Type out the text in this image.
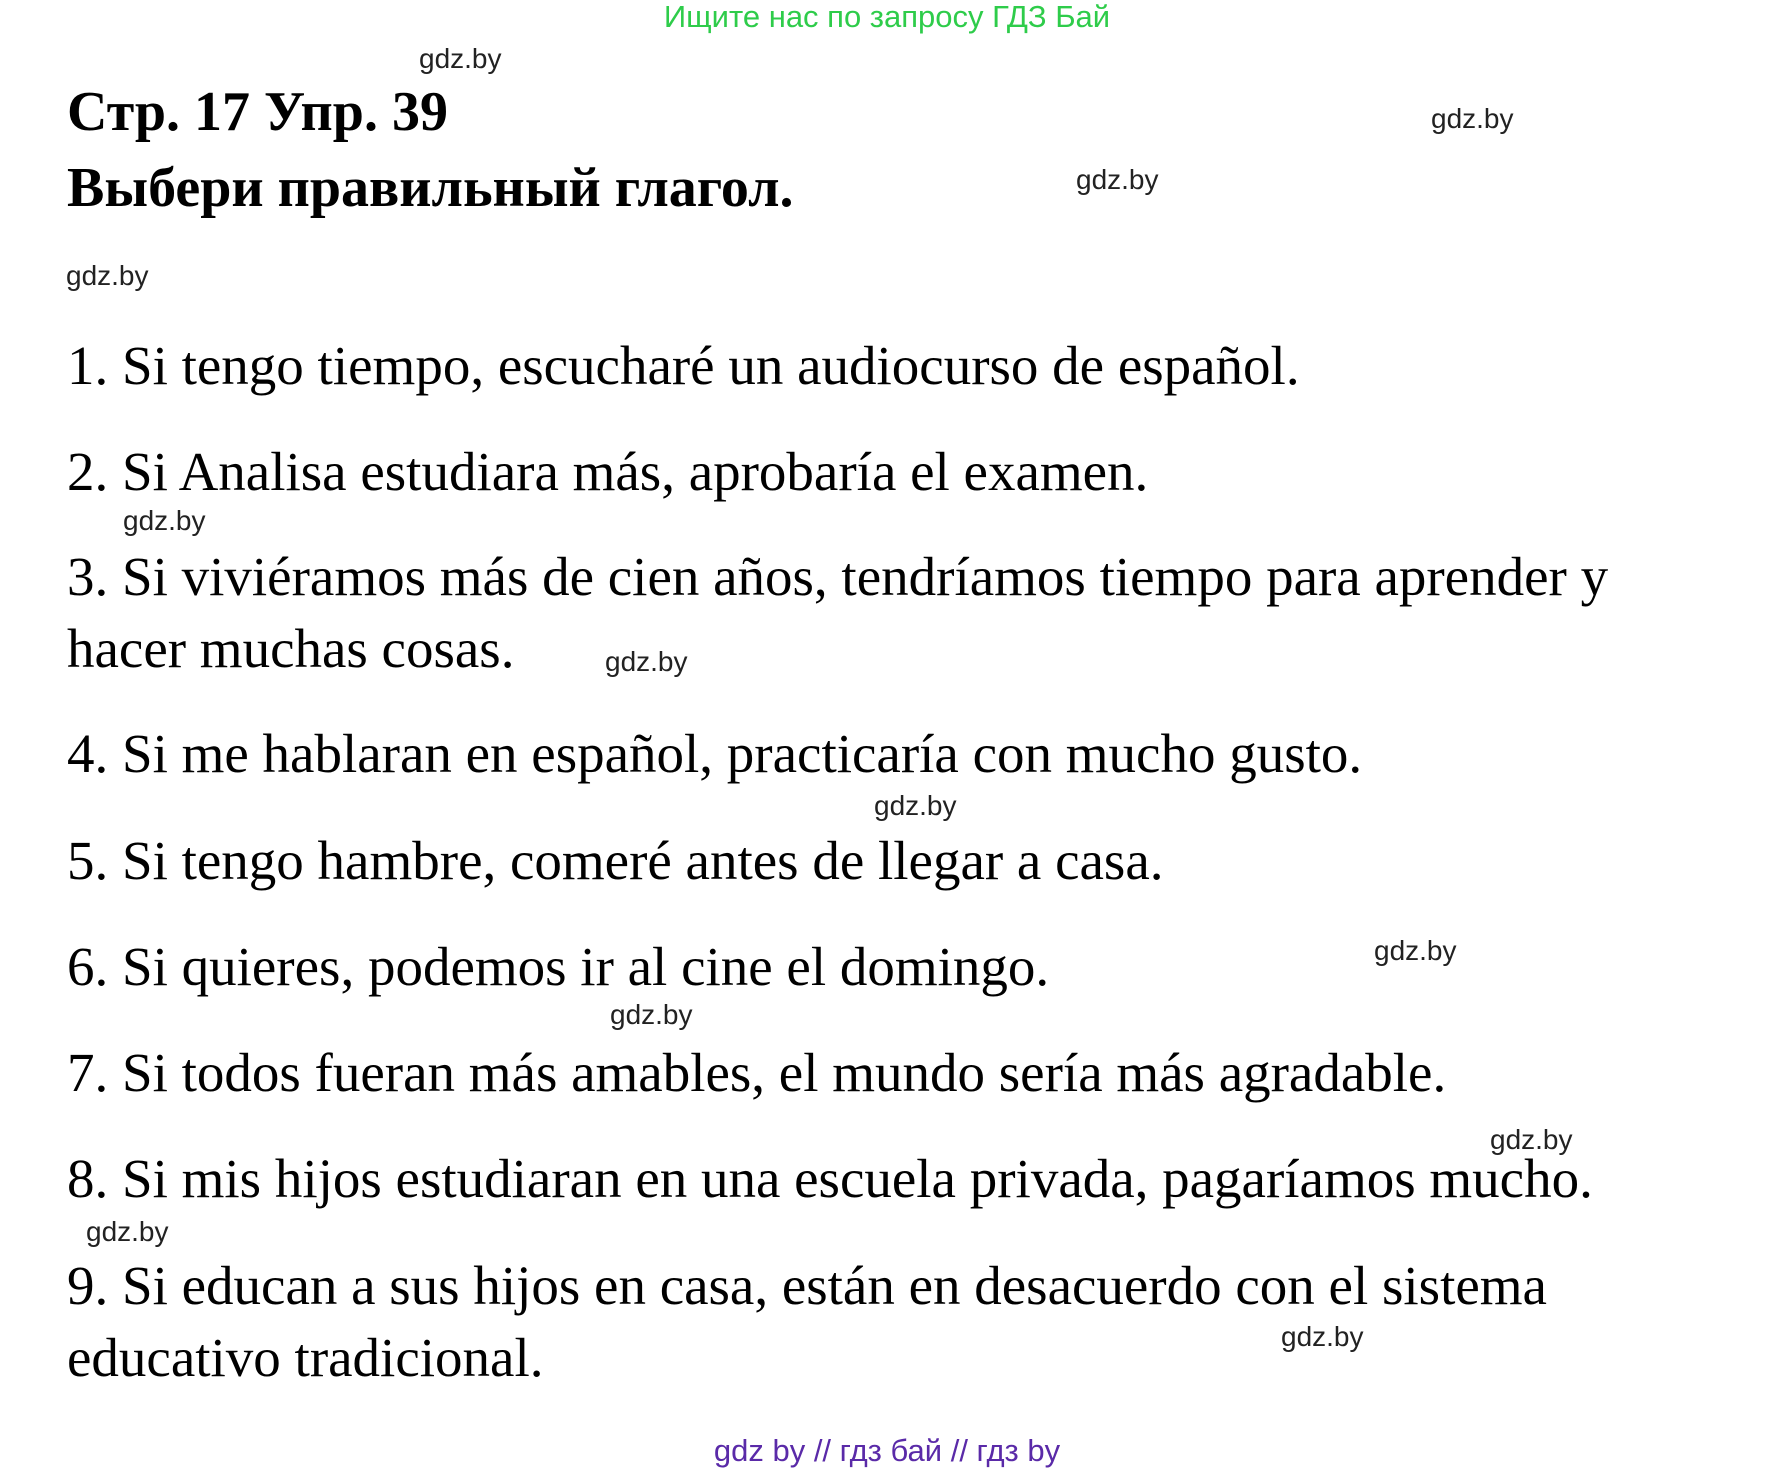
Ищите нас по запросу ГДЗ Бай
Стр. 17 Упр. 39
Выбери правильный глагол.
1. Si tengo tiempo, escucharé un audiocurso de español.
2. Si Analisa estudiara más, aprobaría el examen.
3. Si viviéramos más de cien años, tendríamos tiempo para aprender y
hacer muchas cosas.
4. Si me hablaran en español, practicaría con mucho gusto.
5. Si tengo hambre, comeré antes de llegar a casa.
6. Si quieres, podemos ir al cine el domingo.
7. Si todos fueran más amables, el mundo sería más agradable.
8. Si mis hijos estudiaran en una escuela privada, pagaríamos mucho.
9. Si educan a sus hijos en casa, están en desacuerdo con el sistema
educativo tradicional.
gdz.by
gdz.by
gdz.by
gdz.by
gdz.by
gdz.by
gdz.by
gdz.by
gdz.by
gdz.by
gdz.by
gdz.by
gdz by // гдз бай // гдз by
